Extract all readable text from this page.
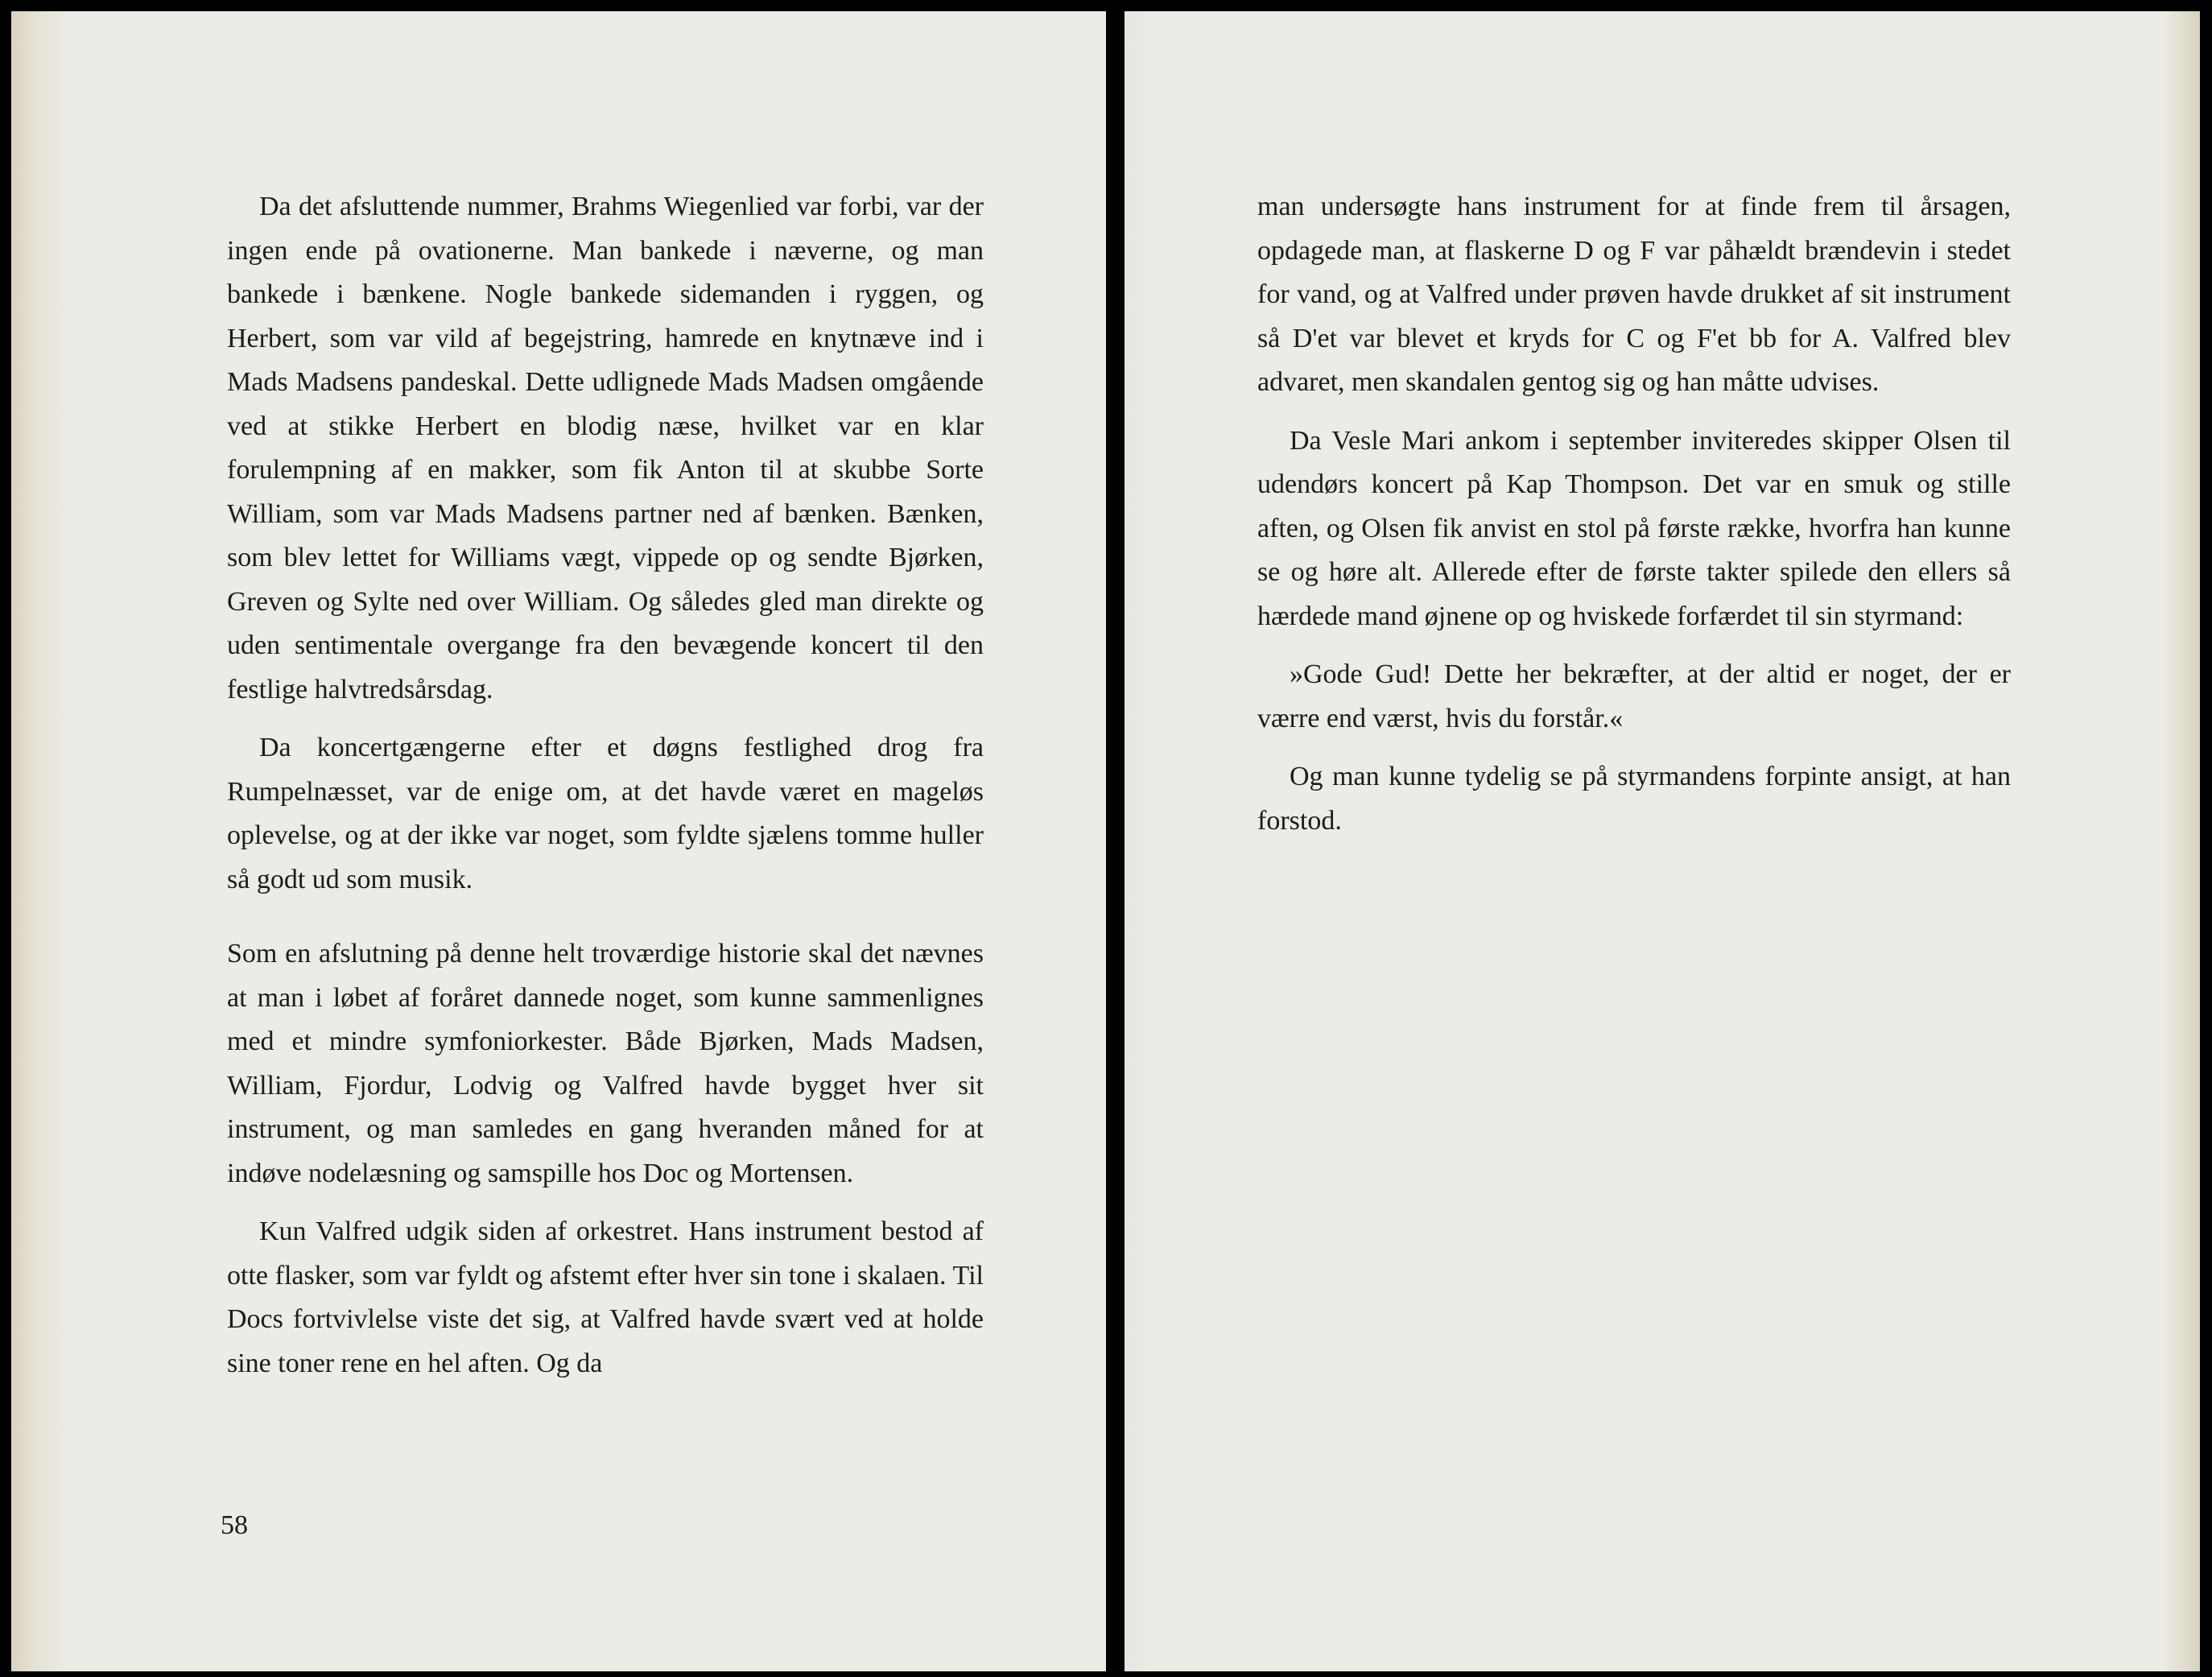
Da det afsluttende nummer, Brahms Wiegenlied var forbi, var der ingen ende på ovationerne. Man bankede i næverne, og man bankede i bænkene. Nogle bankede sidemanden i ryggen, og Herbert, som var vild af begejstring, hamrede en knytnæve ind i Mads Madsens pandeskal. Dette udlignede Mads Madsen omgående ved at stikke Herbert en blodig næse, hvilket var en klar forulempning af en makker, som fik Anton til at skubbe Sorte William, som var Mads Madsens partner ned af bænken. Bænken, som blev lettet for Williams vægt, vippede op og sendte Bjørken, Greven og Sylte ned over William. Og således gled man direkte og uden sentimentale overgange fra den bevægende koncert til den festlige halvtredsårsdag.

Da koncertgængerne efter et døgns festlighed drog fra Rumpelnæsset, var de enige om, at det havde været en mageløs oplevelse, og at der ikke var noget, som fyldte sjælens tomme huller så godt ud som musik.

Som en afslutning på denne helt troværdige historie skal det nævnes at man i løbet af foråret dannede noget, som kunne sammenlignes med et mindre symfoniorkester. Både Bjørken, Mads Madsen, William, Fjordur, Lodvig og Valfred havde bygget hver sit instrument, og man samledes en gang hveranden måned for at indøve nodelæsning og samspille hos Doc og Mortensen.

Kun Valfred udgik siden af orkestret. Hans instrument bestod af otte flasker, som var fyldt og afstemt efter hver sin tone i skalaen. Til Docs fortvivlelse viste det sig, at Valfred havde svært ved at holde sine toner rene en hel aften. Og da

58

man undersøgte hans instrument for at finde frem til årsagen, opdagede man, at flaskerne D og F var påhældt brændevin i stedet for vand, og at Valfred under prøven havde drukket af sit instrument så D'et var blevet et kryds for C og F'et bb for A. Valfred blev advaret, men skandalen gentog sig og han måtte udvises.

Da Vesle Mari ankom i september inviteredes skipper Olsen til udendørs koncert på Kap Thompson. Det var en smuk og stille aften, og Olsen fik anvist en stol på første række, hvorfra han kunne se og høre alt. Allerede efter de første takter spilede den ellers så hærdede mand øjnene op og hviskede forfærdet til sin styrmand:

»Gode Gud! Dette her bekræfter, at der altid er noget, der er værre end værst, hvis du forstår.«

Og man kunne tydelig se på styrmandens forpinte ansigt, at han forstod.
